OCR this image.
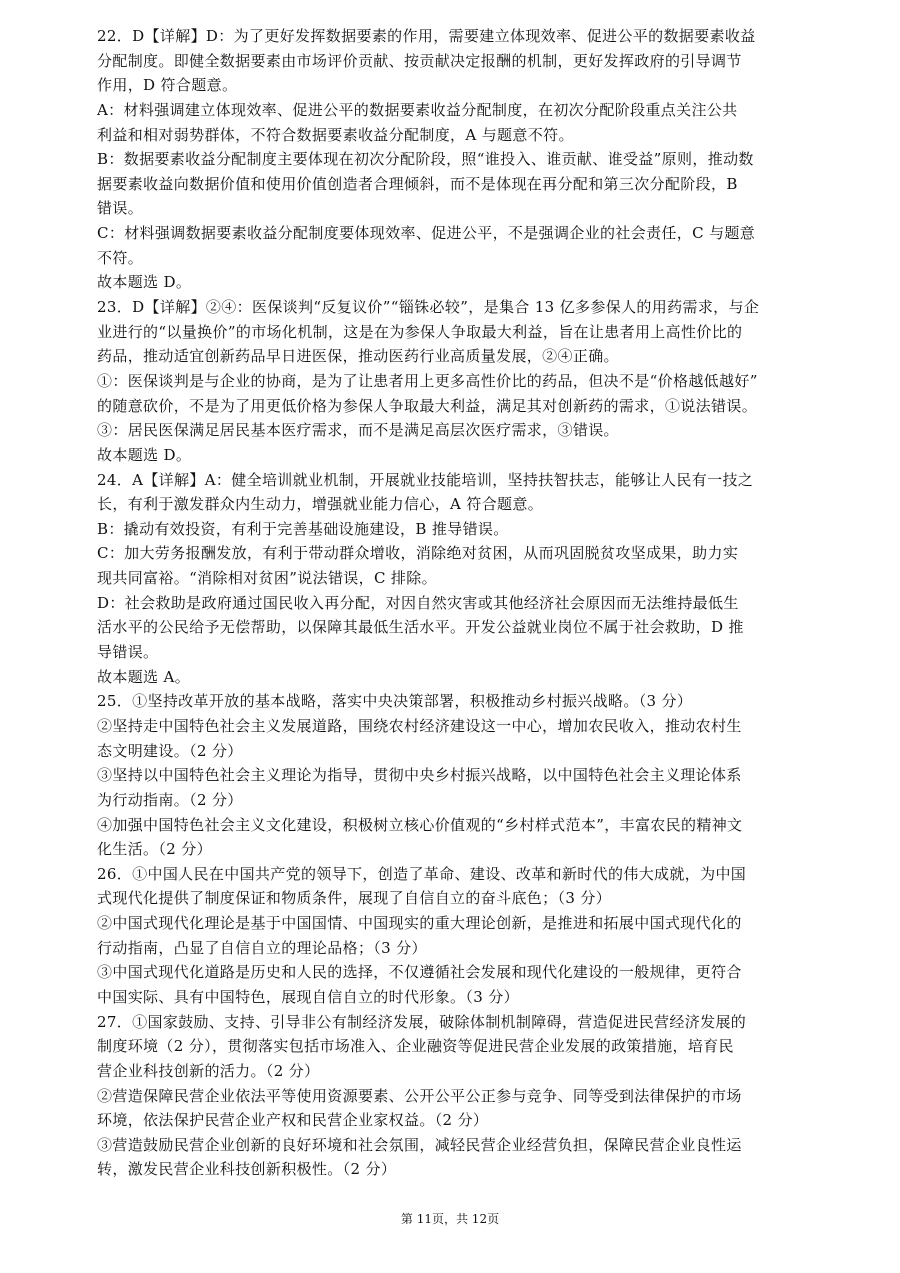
22．D【详解】D：为了更好发挥数据要素的作用，需要建立体现效率、促进公平的数据要素收益
分配制度。即健全数据要素由市场评价贡献、按贡献决定报酬的机制，更好发挥政府的引导调节
作用，D 符合题意。
A：材料强调建立体现效率、促进公平的数据要素收益分配制度，在初次分配阶段重点关注公共
利益和相对弱势群体，不符合数据要素收益分配制度，A 与题意不符。
B：数据要素收益分配制度主要体现在初次分配阶段，照“谁投入、谁贡献、谁受益”原则，推动数
据要素收益向数据价值和使用价值创造者合理倾斜，而不是体现在再分配和第三次分配阶段，B
错误。
C：材料强调数据要素收益分配制度要体现效率、促进公平，不是强调企业的社会责任，C 与题意
不符。
故本题选 D。
23．D【详解】②④：医保谈判“反复议价”“锱铢必较”，是集合 13 亿多参保人的用药需求，与企
业进行的“以量换价”的市场化机制，这是在为参保人争取最大利益，旨在让患者用上高性价比的
药品，推动适宜创新药品早日进医保，推动医药行业高质量发展，②④正确。
①：医保谈判是与企业的协商，是为了让患者用上更多高性价比的药品，但决不是“价格越低越好”
的随意砍价，不是为了用更低价格为参保人争取最大利益，满足其对创新药的需求，①说法错误。
③：居民医保满足居民基本医疗需求，而不是满足高层次医疗需求，③错误。
故本题选 D。
24．A【详解】A：健全培训就业机制，开展就业技能培训，坚持扶智扶志，能够让人民有一技之
长，有利于激发群众内生动力，增强就业能力信心，A 符合题意。
B：撬动有效投资，有利于完善基础设施建设，B 推导错误。
C：加大劳务报酬发放，有利于带动群众增收，消除绝对贫困，从而巩固脱贫攻坚成果，助力实
现共同富裕。“消除相对贫困”说法错误，C 排除。
D：社会救助是政府通过国民收入再分配，对因自然灾害或其他经济社会原因而无法维持最低生
活水平的公民给予无偿帮助，以保障其最低生活水平。开发公益就业岗位不属于社会救助，D 推
导错误。
故本题选 A。
25．①坚持改革开放的基本战略，落实中央决策部署，积极推动乡村振兴战略。（3 分）
②坚持走中国特色社会主义发展道路，围绕农村经济建设这一中心，增加农民收入，推动农村生
态文明建设。（2 分）
③坚持以中国特色社会主义理论为指导，贯彻中央乡村振兴战略，以中国特色社会主义理论体系
为行动指南。（2 分）
④加强中国特色社会主义文化建设，积极树立核心价值观的“乡村样式范本”，丰富农民的精神文
化生活。（2 分）
26．①中国人民在中国共产党的领导下，创造了革命、建设、改革和新时代的伟大成就，为中国
式现代化提供了制度保证和物质条件，展现了自信自立的奋斗底色；（3 分）
②中国式现代化理论是基于中国国情、中国现实的重大理论创新，是推进和拓展中国式现代化的
行动指南，凸显了自信自立的理论品格；（3 分）
③中国式现代化道路是历史和人民的选择，不仅遵循社会发展和现代化建设的一般规律，更符合
中国实际、具有中国特色，展现自信自立的时代形象。（3 分）
27．①国家鼓励、支持、引导非公有制经济发展，破除体制机制障碍，营造促进民营经济发展的
制度环境（2 分），贯彻落实包括市场准入、企业融资等促进民营企业发展的政策措施，培育民
营企业科技创新的活力。（2 分）
②营造保障民营企业依法平等使用资源要素、公开公平公正参与竞争、同等受到法律保护的市场
环境，依法保护民营企业产权和民营企业家权益。（2 分）
③营造鼓励民营企业创新的良好环境和社会氛围，减轻民营企业经营负担，保障民营企业良性运
转，激发民营企业科技创新积极性。（2 分）
第 11页，共 12页
